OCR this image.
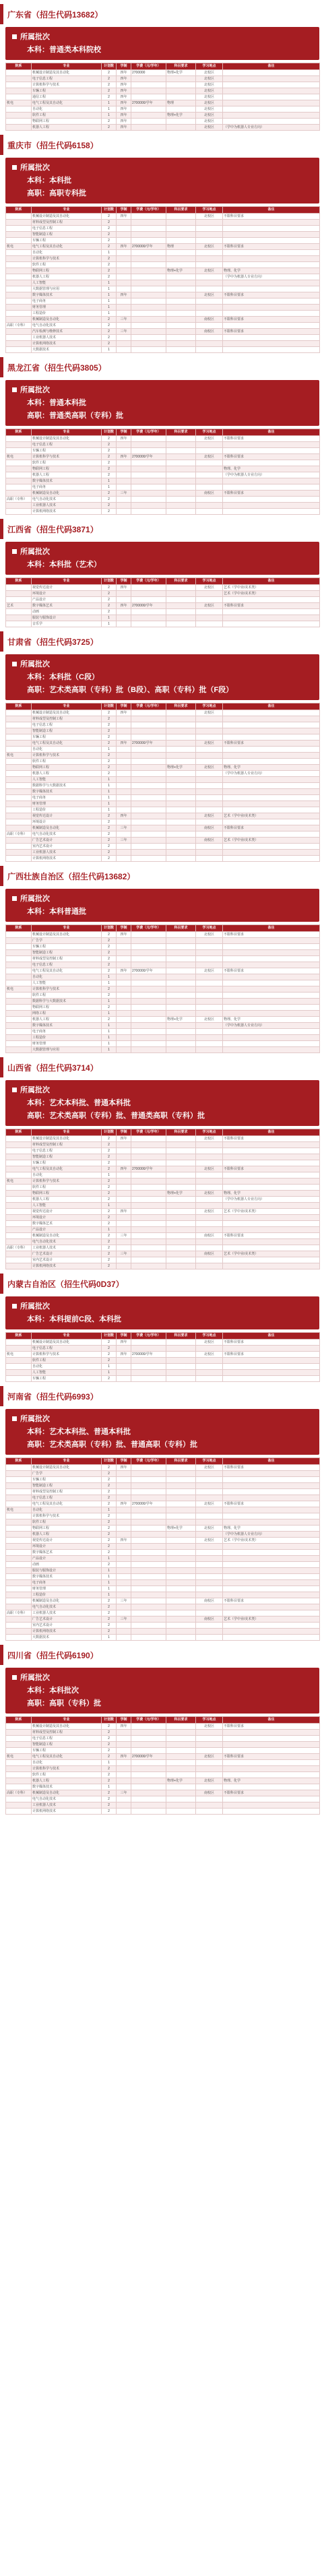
广东省（招生代码13682）
所属批次
本科：普通类本科院校
院系	专业	计划数	学制	学费（元/学年）	科目要求	学习地点	备注
	机械设计制造及其自动化	2	四年	2700000	物理+化学	北校区	
	电子信息工程	2	四年			北校区	
	计算机科学与技术	2	四年			北校区	
	车辆工程	2	四年			北校区	
	通信工程	2	四年			北校区	
机电	电气工程及其自动化	1	四年	2700000/学年	物理	北校区	
	自动化	1	四年			北校区	
	软件工程	1	四年		物理+化学	北校区	
	物联网工程	2	四年			北校区	
	机器人工程	2	四年			北校区	（学中为机器人专业方向）
重庆市（招生代码6158）
所属批次
本科：本科批
高职：高职专科批
院系	专业	计划数	学制	学费（元/学年）	科目要求	学习地点	备注
	机械设计制造及其自动化	2	四年			北校区	不限科目要求
	材料成型及控制工程	2					
	电子信息工程	2					
	智能制造工程	2					
	车辆工程	2					
机电	电气工程及其自动化	2	四年	2700000/学年	物理	北校区	不限科目要求
	自动化	1					
	计算机科学与技术	2					
	软件工程	2					
	物联网工程	2			物理+化学	北校区	物理、化学
	机器人工程	2					（学中为机器人专业方向）
	人工智能	1					
	大数据管理与应用	1					
	数字媒体技术	1	四年			北校区	不限科目要求
	电子商务	1					
	财务管理	1					
	工程造价	1					
	机械制造及自动化	2	三年			南校区	不限科目要求
高职（专科）	电气自动化技术	2					
	汽车检测与维修技术	2	三年			南校区	不限科目要求
	工业机器人技术	2					
	计算机网络技术	2					
	大数据技术	1					
黑龙江省（招生代码3805）
所属批次
本科：普通本科批
高职：普通类高职（专科）批
院系	专业	计划数	学制	学费（元/学年）	科目要求	学习地点	备注
	机械设计制造及其自动化	2	四年			北校区	不限科目要求
	电子信息工程	2					
	车辆工程	2					
机电	计算机科学与技术	2	四年	2700000/学年		北校区	不限科目要求
	软件工程	2					
	物联网工程	2					物理、化学
	机器人工程	2					（学中为机器人专业方向）
	数字媒体技术	1					
	电子商务	1					
	机械制造及自动化	2	三年			南校区	不限科目要求
高职（专科）	电气自动化技术	2					
	工业机器人技术	2					
	计算机网络技术	2					
江西省（招生代码3871）
所属批次
本科：本科批（艺术）
院系	专业	计划数	学制	学费（元/学年）	科目要求	学习地点	备注
	视觉传达设计	2	四年			北校区	艺术（学中业/美术类）
	环境设计	2					艺术（学中业/美术类）
	产品设计	2					
艺术	数字媒体艺术	2	四年	2700000/学年		北校区	不限科目要求
	动画	2					
	服装与服饰设计	1					
	音乐学	1					
甘肃省（招生代码3725）
所属批次
本科：本科批（C段）
高职：艺术类高职（专科）批（B段）、高职（专科）批（F段）
院系	专业	计划数	学制	学费（元/学年）	科目要求	学习地点	备注
	机械设计制造及其自动化	2	四年			北校区	
	材料成型及控制工程	2					
	电子信息工程	2					
	智能制造工程	2					
	车辆工程	2					
	电气工程及其自动化	2	四年	2700000/学年		北校区	不限科目要求
	自动化	1					
机电	计算机科学与技术	2					
	软件工程	2					
	物联网工程	2			物理+化学	北校区	物理、化学
	机器人工程	2					（学中为机器人专业方向）
	人工智能	1					
	数据科学与大数据技术	1					
	数字媒体技术	1					
	电子商务	1					
	财务管理	1					
	工程造价	1					
	视觉传达设计	2	四年			北校区	艺术（学中业/美术类）
	环境设计	2					
	机械制造及自动化	2	三年			南校区	不限科目要求
高职（专科）	电气自动化技术	2					
	广告艺术设计	2	三年			南校区	艺术（学中业/美术类）
	室内艺术设计	2					
	工业机器人技术	2					
	计算机网络技术	2					
广西壮族自治区（招生代码13682）
所属批次
本科：本科普通批
院系	专业	计划数	学制	学费（元/学年）	科目要求	学习地点	备注
	机械设计制造及其自动化	2	四年			北校区	不限科目要求
	广告学	2					
	车辆工程	2					
	智能制造工程	2					
	材料成型及控制工程	2					
	电子信息工程	2					
	电气工程及其自动化	2	四年	2700000/学年		北校区	不限科目要求
	自动化	1					
	人工智能	1					
机电	计算机科学与技术	2					
	软件工程	2					
	数据科学与大数据技术	1					
	物联网工程	2					
	网络工程	1					
	机器人工程	2			物理+化学	北校区	物理、化学
	数字媒体技术	1					（学中为机器人专业方向）
	电子商务	1					
	工程造价	1					
	财务管理	1					
	大数据管理与应用	1					
山西省（招生代码3714）
所属批次
本科：艺术本科批、普通本科批
高职：艺术类高职（专科）批、普通类高职（专科）批
院系	专业	计划数	学制	学费（元/学年）	科目要求	学习地点	备注
	机械设计制造及其自动化	2	四年			北校区	不限科目要求
	材料成型及控制工程	2					
	电子信息工程	2					
	智能制造工程	2					
	车辆工程	2					
	电气工程及其自动化	2	四年	2700000/学年		北校区	不限科目要求
	自动化	1					
机电	计算机科学与技术	2					
	软件工程	2					
	物联网工程	2			物理+化学	北校区	物理、化学
	机器人工程	2					（学中为机器人专业方向）
	人工智能	1					
	视觉传达设计	2	四年			北校区	艺术（学中业/美术类）
	环境设计	2					
	数字媒体艺术	2					
	产品设计	1					
	机械制造及自动化	2	三年			南校区	不限科目要求
	电气自动化技术	2					
高职（专科）	工业机器人技术	2					
	广告艺术设计	2	三年			南校区	艺术（学中业/美术类）
	室内艺术设计	2					
	计算机网络技术	2					
内蒙古自治区（招生代码0D37）
所属批次
本科：本科提前C段、本科批
院系	专业	计划数	学制	学费（元/学年）	科目要求	学习地点	备注
	机械设计制造及其自动化	2	四年			北校区	不限科目要求
	电子信息工程	2					
机电	计算机科学与技术	2	四年	2700000/学年		北校区	不限科目要求
	软件工程	2					
	自动化	1					
	人工智能	1					
	车辆工程	2					
河南省（招生代码6993）
所属批次
本科：艺术本科批、普通本科批
高职：艺术类高职（专科）批、普通高职（专科）批
院系	专业	计划数	学制	学费（元/学年）	科目要求	学习地点	备注
	机械设计制造及其自动化	2	四年			北校区	不限科目要求
	广告学	2					
	车辆工程	2					
	智能制造工程	2					
	材料成型及控制工程	2					
	电子信息工程	2					
	电气工程及其自动化	2	四年	2700000/学年		北校区	不限科目要求
机电	自动化	1					
	计算机科学与技术	2					
	软件工程	2					
	物联网工程	2			物理+化学	北校区	物理、化学
	机器人工程	2					（学中为机器人专业方向）
	视觉传达设计	2	四年			北校区	艺术（学中业/美术类）
	环境设计	2					
	数字媒体艺术	2					
	产品设计	1					
	动画	2					
	服装与服饰设计	1					
	数字媒体技术	1					
	电子商务	1					
	财务管理	1					
	工程造价	1					
	机械制造及自动化	2	三年			南校区	不限科目要求
	电气自动化技术	2					
高职（专科）	工业机器人技术	2					
	广告艺术设计	2	三年			南校区	艺术（学中业/美术类）
	室内艺术设计	2					
	计算机网络技术	2					
	大数据技术	1					
四川省（招生代码6190）
所属批次
本科：本科批次
高职：高职（专科）批
院系	专业	计划数	学制	学费（元/学年）	科目要求	学习地点	备注
	机械设计制造及其自动化	2	四年			北校区	不限科目要求
	材料成型及控制工程	2					
	电子信息工程	2					
	智能制造工程	2					
	车辆工程	2					
机电	电气工程及其自动化	2	四年	2700000/学年		北校区	不限科目要求
	自动化	1					
	计算机科学与技术	2					
	软件工程	2					
	机器人工程	2			物理+化学	北校区	物理、化学
	数字媒体技术	1					
高职（专科）	机械制造及自动化	2	三年			南校区	不限科目要求
	电气自动化技术	2					
	工业机器人技术	2					
	计算机网络技术	2					
